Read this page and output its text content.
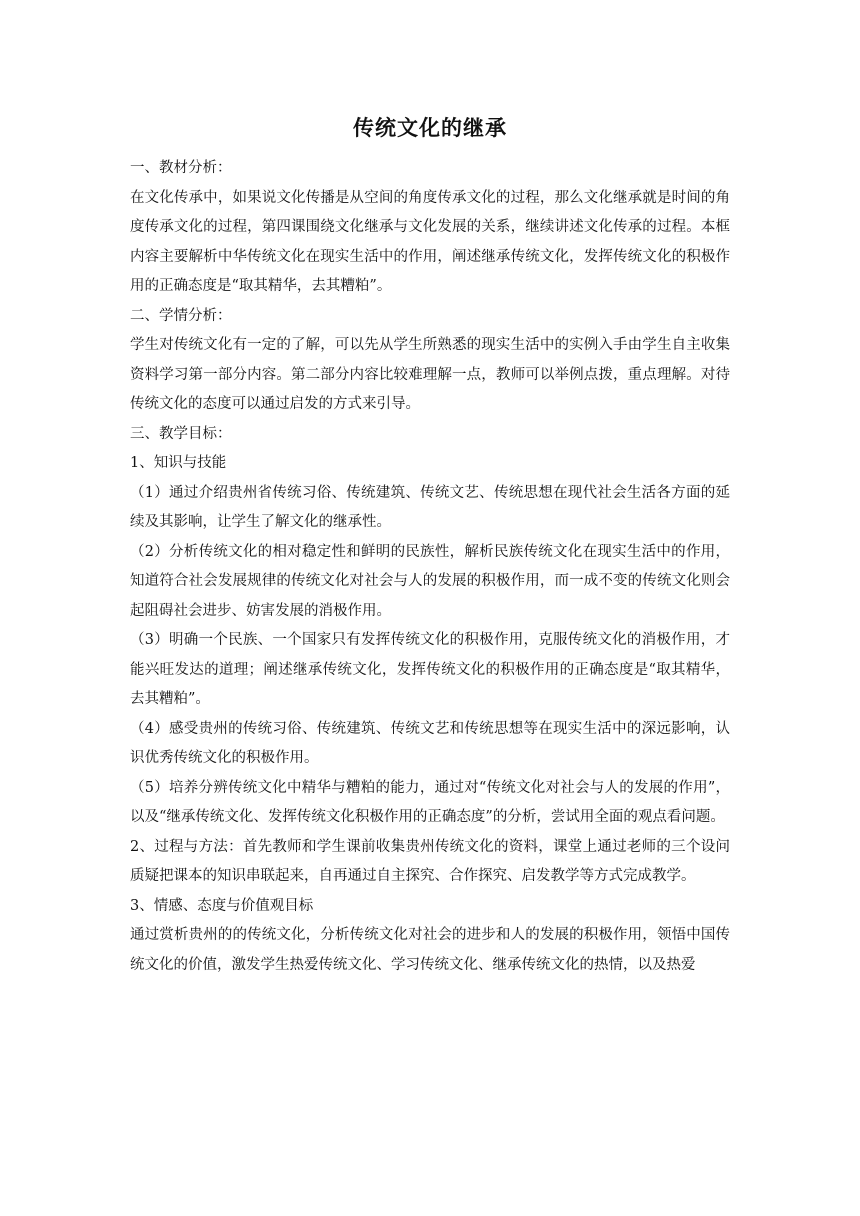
传统文化的继承

一、教材分析：

在文化传承中，如果说文化传播是从空间的角度传承文化的过程，那么文化继承就是时间的角度传承文化的过程，第四课围绕文化继承与文化发展的关系，继续讲述文化传承的过程。本框内容主要解析中华传统文化在现实生活中的作用，阐述继承传统文化，发挥传统文化的积极作用的正确态度是“取其精华，去其糟粕”。

二、学情分析：

学生对传统文化有一定的了解，可以先从学生所熟悉的现实生活中的实例入手由学生自主收集资料学习第一部分内容。第二部分内容比较难理解一点，教师可以举例点拨，重点理解。对待传统文化的态度可以通过启发的方式来引导。

三、教学目标：

1、知识与技能

（1）通过介绍贵州省传统习俗、传统建筑、传统文艺、传统思想在现代社会生活各方面的延续及其影响，让学生了解文化的继承性。

（2）分析传统文化的相对稳定性和鲜明的民族性，解析民族传统文化在现实生活中的作用，知道符合社会发展规律的传统文化对社会与人的发展的积极作用，而一成不变的传统文化则会起阻碍社会进步、妨害发展的消极作用。

（3）明确一个民族、一个国家只有发挥传统文化的积极作用，克服传统文化的消极作用，才能兴旺发达的道理；阐述继承传统文化，发挥传统文化的积极作用的正确态度是“取其精华，去其糟粕”。

（4）感受贵州的传统习俗、传统建筑、传统文艺和传统思想等在现实生活中的深远影响，认识优秀传统文化的积极作用。

（5）培养分辨传统文化中精华与糟粕的能力，通过对“传统文化对社会与人的发展的作用”，以及“继承传统文化、发挥传统文化积极作用的正确态度”的分析，尝试用全面的观点看问题。

2、过程与方法：首先教师和学生课前收集贵州传统文化的资料，课堂上通过老师的三个设问质疑把课本的知识串联起来，自再通过自主探究、合作探究、启发教学等方式完成教学。

3、情感、态度与价值观目标

通过赏析贵州的的传统文化，分析传统文化对社会的进步和人的发展的积极作用，领悟中国传统文化的价值，激发学生热爱传统文化、学习传统文化、继承传统文化的热情，以及热爱
